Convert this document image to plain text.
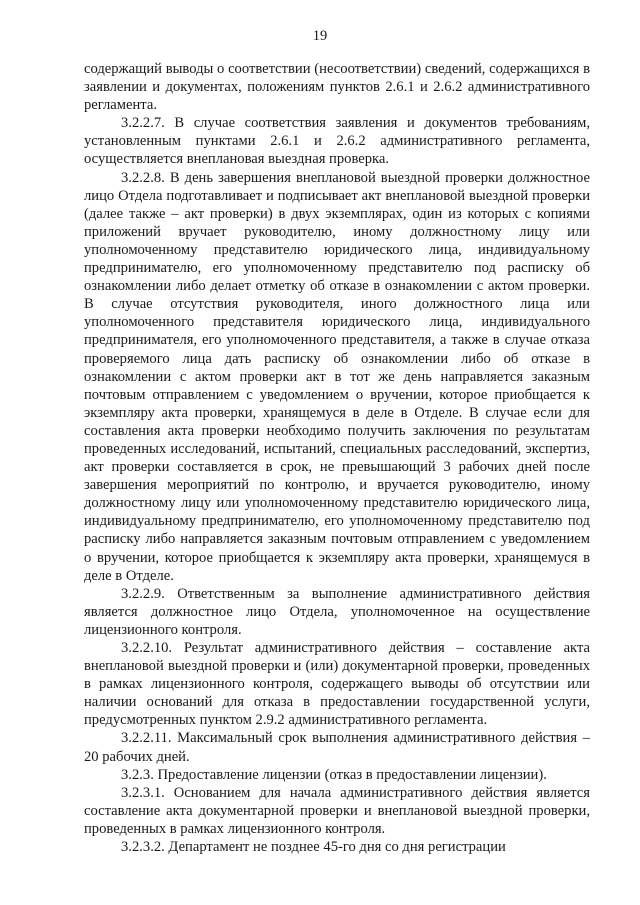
19

содержащий выводы о соответствии (несоответствии) сведений, содержащихся в заявлении и документах, положениям пунктов 2.6.1 и 2.6.2 административного регламента.

3.2.2.7. В случае соответствия заявления и документов требованиям, установленным пунктами 2.6.1 и 2.6.2 административного регламента, осуществляется внеплановая выездная проверка.

3.2.2.8. В день завершения внеплановой выездной проверки должностное лицо Отдела подготавливает и подписывает акт внеплановой выездной проверки (далее также – акт проверки) в двух экземплярах, один из которых с копиями приложений вручает руководителю, иному должностному лицу или уполномоченному представителю юридического лица, индивидуальному предпринимателю, его уполномоченному представителю под расписку об ознакомлении либо делает отметку об отказе в ознакомлении с актом проверки. В случае отсутствия руководителя, иного должностного лица или уполномоченного представителя юридического лица, индивидуального предпринимателя, его уполномоченного представителя, а также в случае отказа проверяемого лица дать расписку об ознакомлении либо об отказе в ознакомлении с актом проверки акт в тот же день направляется заказным почтовым отправлением с уведомлением о вручении, которое приобщается к экземпляру акта проверки, хранящемуся в деле в Отделе. В случае если для составления акта проверки необходимо получить заключения по результатам проведенных исследований, испытаний, специальных расследований, экспертиз, акт проверки составляется в срок, не превышающий 3 рабочих дней после завершения мероприятий по контролю, и вручается руководителю, иному должностному лицу или уполномоченному представителю юридического лица, индивидуальному предпринимателю, его уполномоченному представителю под расписку либо направляется заказным почтовым отправлением с уведомлением о вручении, которое приобщается к экземпляру акта проверки, хранящемуся в деле в Отделе.

3.2.2.9. Ответственным за выполнение административного действия является должностное лицо Отдела, уполномоченное на осуществление лицензионного контроля.

3.2.2.10. Результат административного действия – составление акта внеплановой выездной проверки и (или) документарной проверки, проведенных в рамках лицензионного контроля, содержащего выводы об отсутствии или наличии оснований для отказа в предоставлении государственной услуги, предусмотренных пунктом 2.9.2 административного регламента.

3.2.2.11. Максимальный срок выполнения административного действия – 20 рабочих дней.

3.2.3. Предоставление лицензии (отказ в предоставлении лицензии).

3.2.3.1. Основанием для начала административного действия является составление акта документарной проверки и внеплановой выездной проверки, проведенных в рамках лицензионного контроля.

3.2.3.2. Департамент не позднее 45-го дня со дня регистрации
